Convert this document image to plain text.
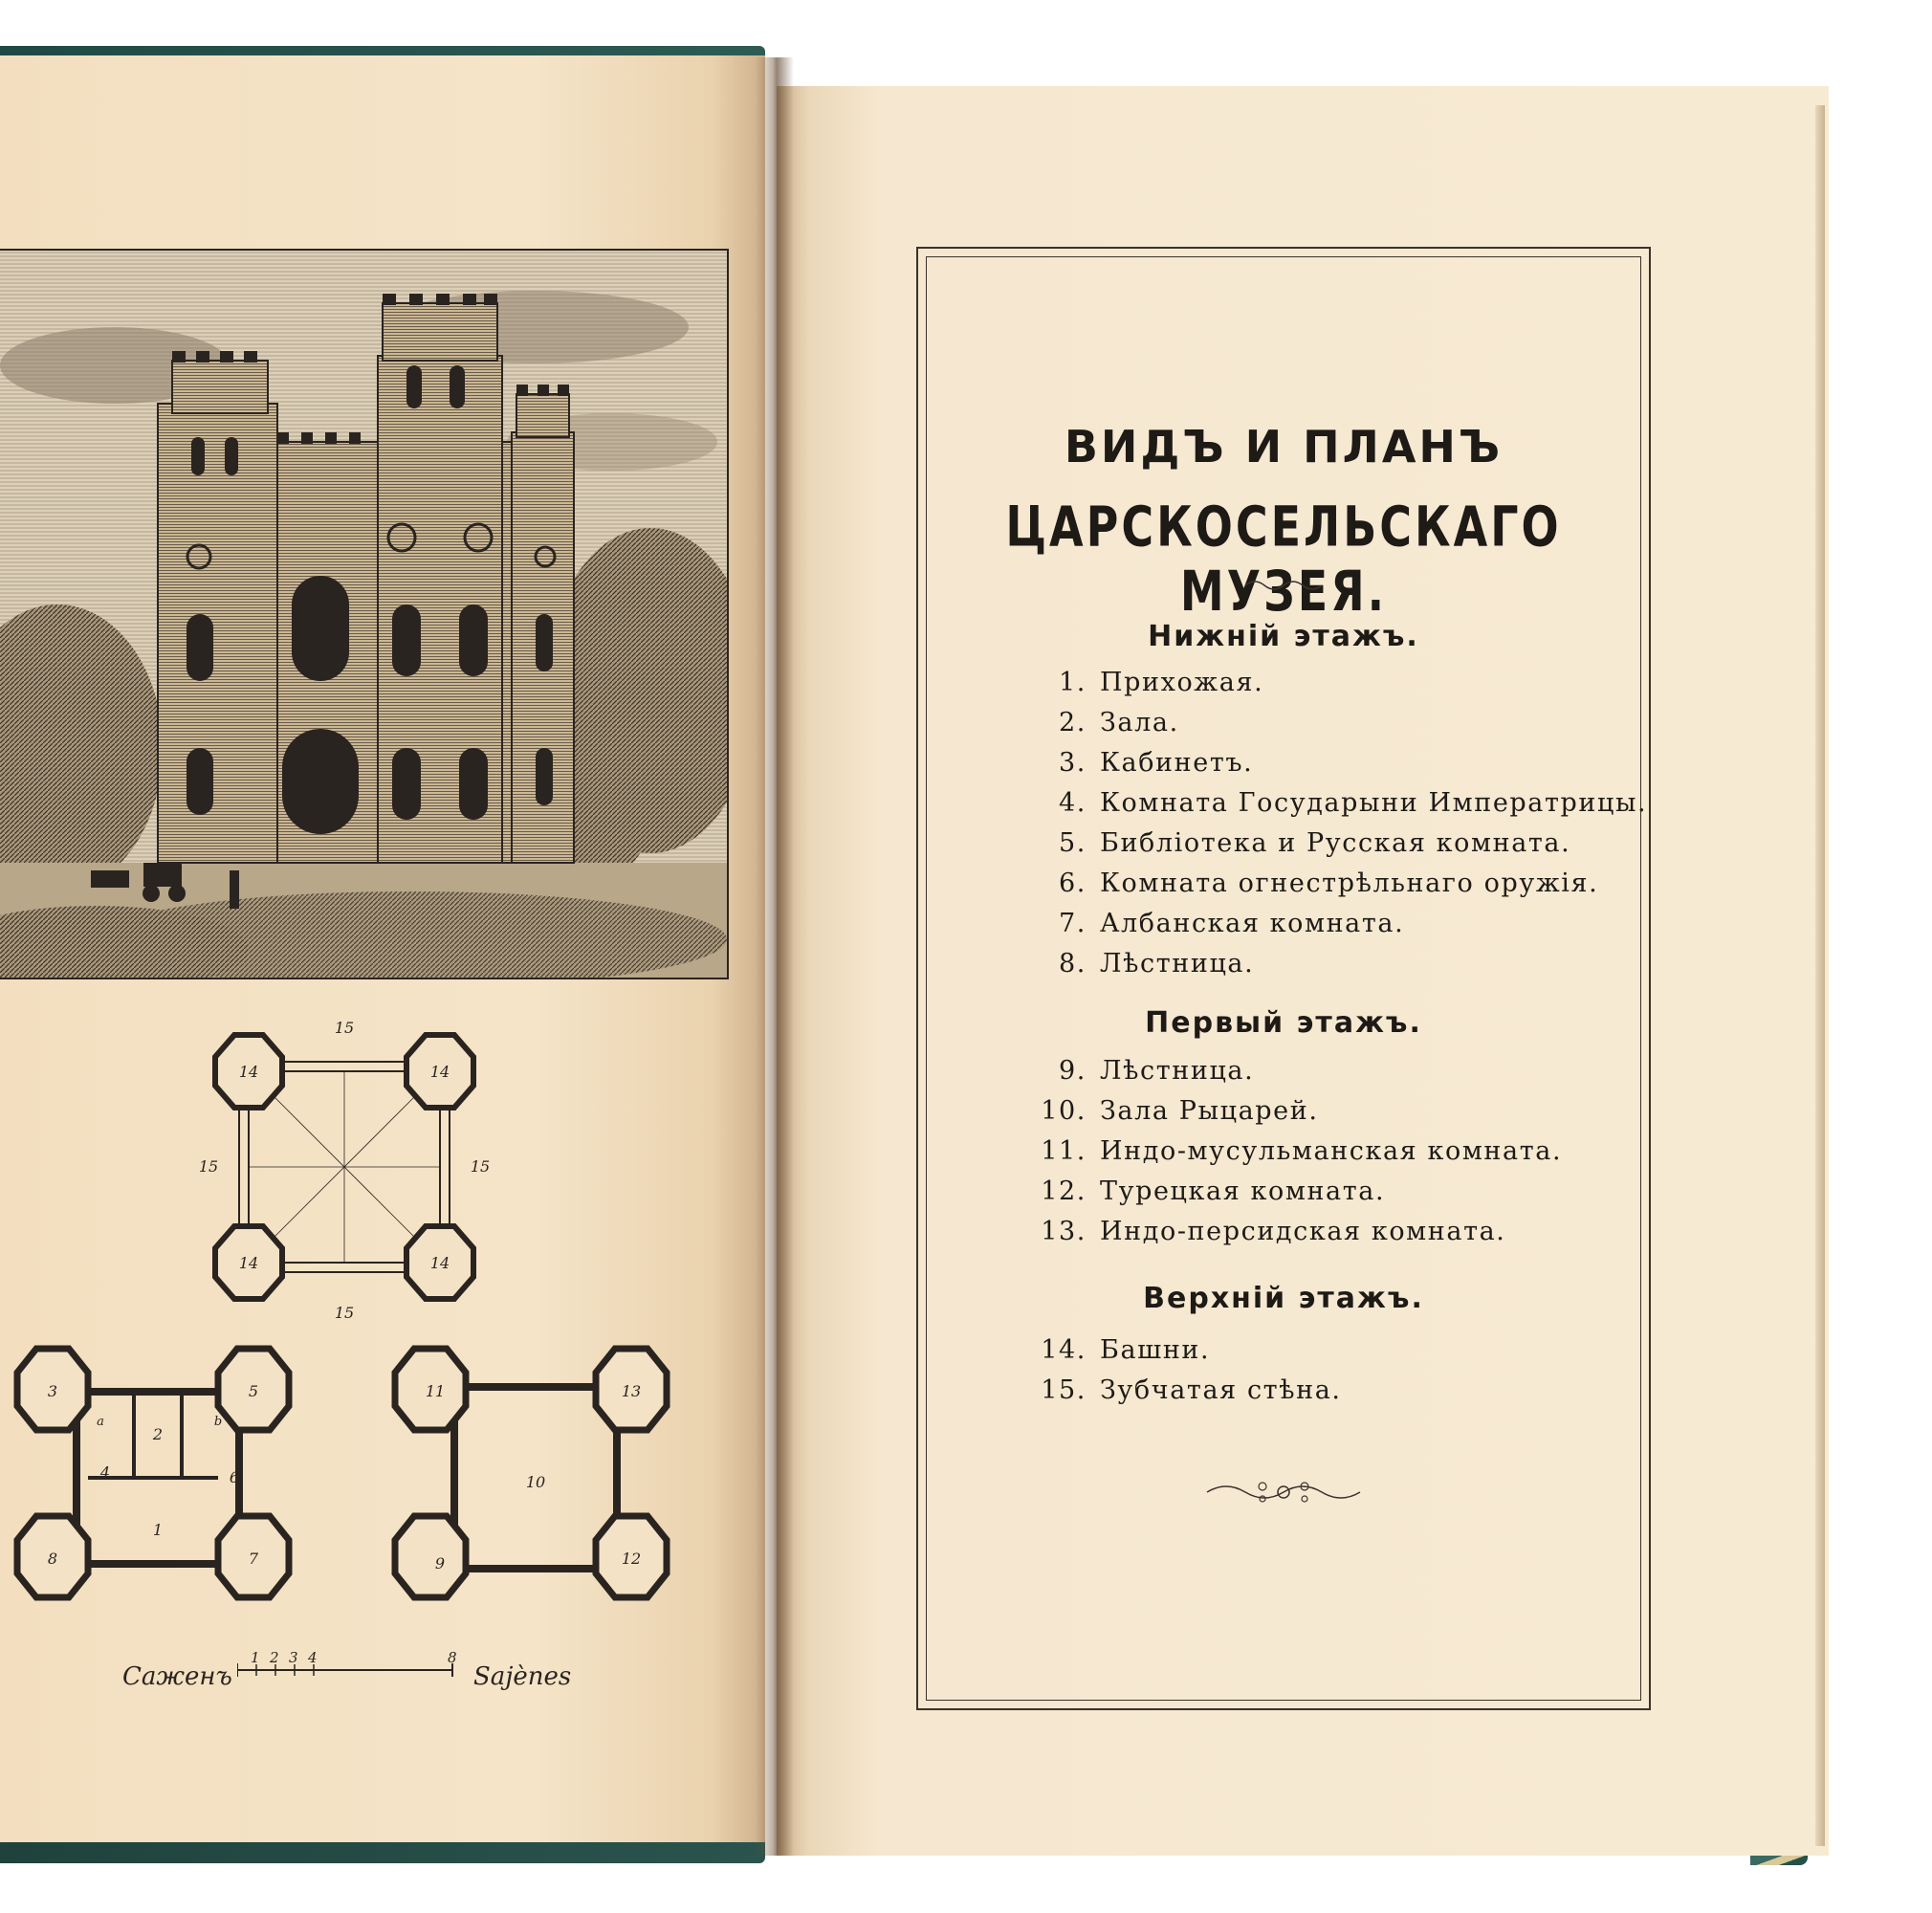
15
15	15
15
14	14
14	14
1
2
3
4
5
6
7
8
a	b
9
10
11
12
13
Саженъ	Sajènes
1 2 3 4	8
ВИДЪ И ПЛАНЪ
ЦАРСКОСЕЛЬСКАГО МУЗЕЯ.
Нижній этажъ.
1. Прихожая.
2. Зала.
3. Кабинетъ.
4. Комната Государыни Императрицы.
5. Библіотека и Русская комната.
6. Комната огнестрѣльнаго оружія.
7. Албанская комната.
8. Лѣстница.
Первый этажъ.
9. Лѣстница.
10. Зала Рыцарей.
11. Индо-мусульманская комната.
12. Турецкая комната.
13. Индо-персидская комната.
Верхній этажъ.
14. Башни.
15. Зубчатая стѣна.
